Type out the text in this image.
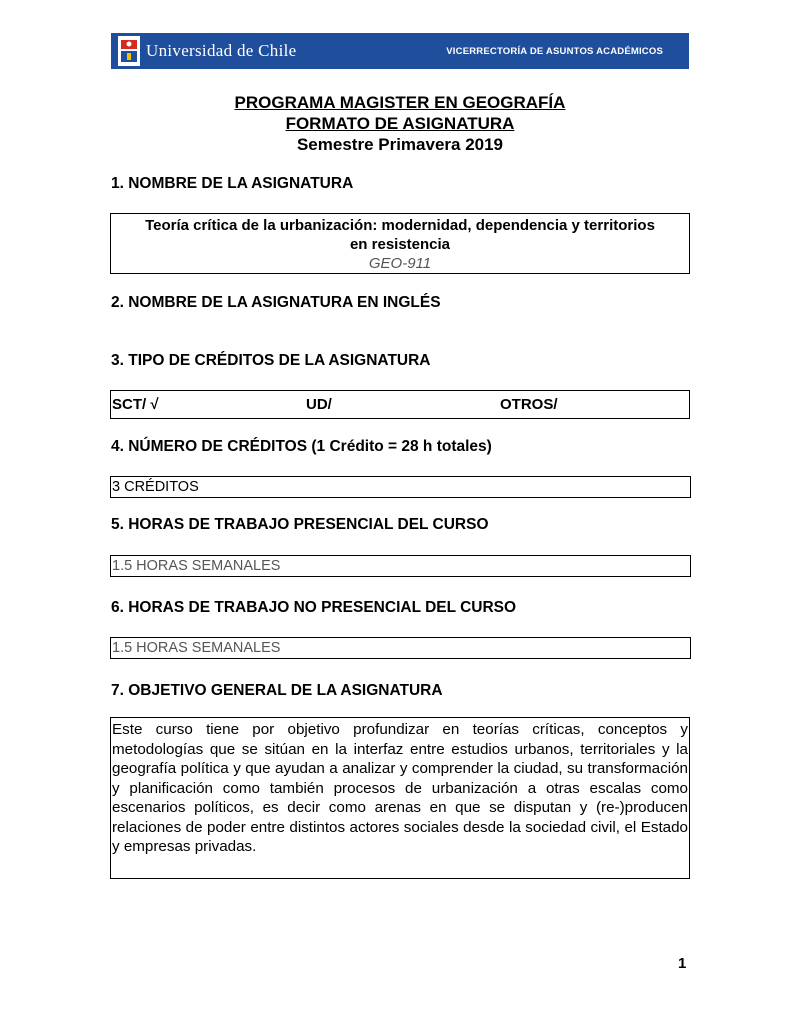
Universidad de Chile	VICERRECTORÍA DE ASUNTOS ACADÉMICOS
PROGRAMA MAGISTER EN GEOGRAFÍA
FORMATO DE ASIGNATURA
Semestre Primavera 2019
1. NOMBRE DE LA ASIGNATURA
Teoría crítica de la urbanización: modernidad, dependencia y territorios
en resistencia
GEO-911
2. NOMBRE DE LA ASIGNATURA EN INGLÉS
3. TIPO DE CRÉDITOS DE LA ASIGNATURA
SCT/ √	UD/	OTROS/
4. NÚMERO DE CRÉDITOS (1 Crédito = 28 h totales)
3 CRÉDITOS
5. HORAS DE TRABAJO PRESENCIAL DEL CURSO
1.5 HORAS SEMANALES
6. HORAS DE TRABAJO NO PRESENCIAL DEL CURSO
1.5 HORAS SEMANALES
7. OBJETIVO GENERAL DE LA ASIGNATURA
Este curso tiene por objetivo profundizar en teorías críticas, conceptos y metodologías que se sitúan en la interfaz entre estudios urbanos, territoriales y la geografía política y que ayudan a analizar y comprender la ciudad, su transformación y planificación como también procesos de urbanización a otras escalas como escenarios políticos, es decir como arenas en que se disputan y (re-)producen relaciones de poder entre distintos actores sociales desde la sociedad civil, el Estado y empresas privadas.
1
